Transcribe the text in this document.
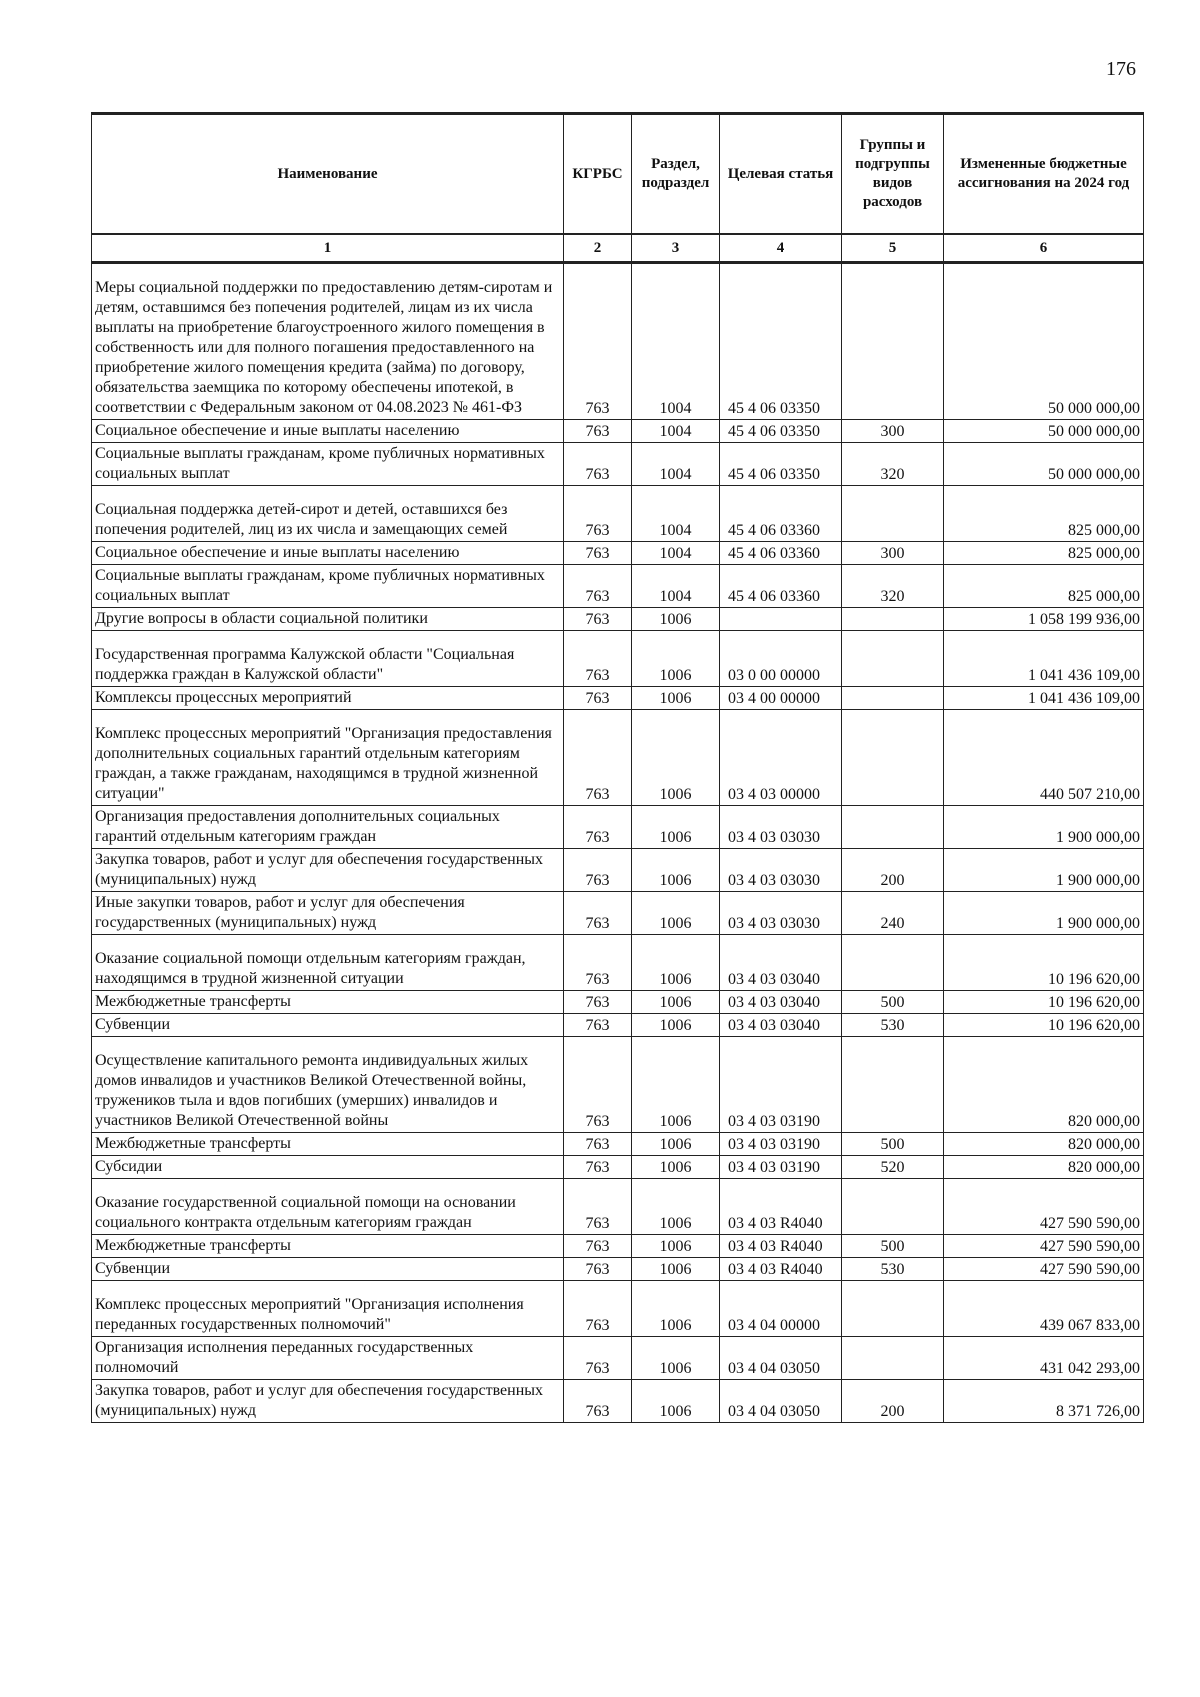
176
Наименование	КГРБС	Раздел, подраздел	Целевая статья	Группы и подгруппы видов расходов	Измененные бюджетные ассигнования на 2024 год
1	2	3	4	5	6
Меры социальной поддержки по предоставлению детям-сиротам и детям, оставшимся без попечения родителей, лицам из их числа выплаты на приобретение благоустроенного жилого помещения в собственность или для полного погашения предоставленного на приобретение жилого помещения кредита (займа) по договору, обязательства заемщика по которому обеспечены ипотекой, в соответствии с Федеральным законом от 04.08.2023 № 461-ФЗ	763	1004	45 4 06 03350		50 000 000,00
Социальное обеспечение и иные выплаты населению	763	1004	45 4 06 03350	300	50 000 000,00
Социальные выплаты гражданам, кроме публичных нормативных социальных выплат	763	1004	45 4 06 03350	320	50 000 000,00
Социальная поддержка детей-сирот и детей, оставшихся без попечения родителей, лиц из их числа и замещающих семей	763	1004	45 4 06 03360		825 000,00
Социальное обеспечение и иные выплаты населению	763	1004	45 4 06 03360	300	825 000,00
Социальные выплаты гражданам, кроме публичных нормативных социальных выплат	763	1004	45 4 06 03360	320	825 000,00
Другие вопросы в области социальной политики	763	1006			1 058 199 936,00
Государственная программа Калужской области "Социальная поддержка граждан в Калужской области"	763	1006	03 0 00 00000		1 041 436 109,00
Комплексы процессных мероприятий	763	1006	03 4 00 00000		1 041 436 109,00
Комплекс процессных мероприятий "Организация предоставления дополнительных социальных гарантий отдельным категориям граждан, а также гражданам, находящимся в трудной жизненной ситуации"	763	1006	03 4 03 00000		440 507 210,00
Организация предоставления дополнительных социальных гарантий отдельным категориям граждан	763	1006	03 4 03 03030		1 900 000,00
Закупка товаров, работ и услуг для обеспечения государственных (муниципальных) нужд	763	1006	03 4 03 03030	200	1 900 000,00
Иные закупки товаров, работ и услуг для обеспечения государственных (муниципальных) нужд	763	1006	03 4 03 03030	240	1 900 000,00
Оказание социальной помощи отдельным категориям граждан, находящимся в трудной жизненной ситуации	763	1006	03 4 03 03040		10 196 620,00
Межбюджетные трансферты	763	1006	03 4 03 03040	500	10 196 620,00
Субвенции	763	1006	03 4 03 03040	530	10 196 620,00
Осуществление капитального ремонта индивидуальных жилых домов инвалидов и участников Великой Отечественной войны, тружеников тыла и вдов погибших (умерших) инвалидов и участников Великой Отечественной войны	763	1006	03 4 03 03190		820 000,00
Межбюджетные трансферты	763	1006	03 4 03 03190	500	820 000,00
Субсидии	763	1006	03 4 03 03190	520	820 000,00
Оказание государственной социальной помощи на основании социального контракта отдельным категориям граждан	763	1006	03 4 03 R4040		427 590 590,00
Межбюджетные трансферты	763	1006	03 4 03 R4040	500	427 590 590,00
Субвенции	763	1006	03 4 03 R4040	530	427 590 590,00
Комплекс процессных мероприятий "Организация исполнения переданных государственных полномочий"	763	1006	03 4 04 00000		439 067 833,00
Организация исполнения переданных государственных полномочий	763	1006	03 4 04 03050		431 042 293,00
Закупка товаров, работ и услуг для обеспечения государственных (муниципальных) нужд	763	1006	03 4 04 03050	200	8 371 726,00
